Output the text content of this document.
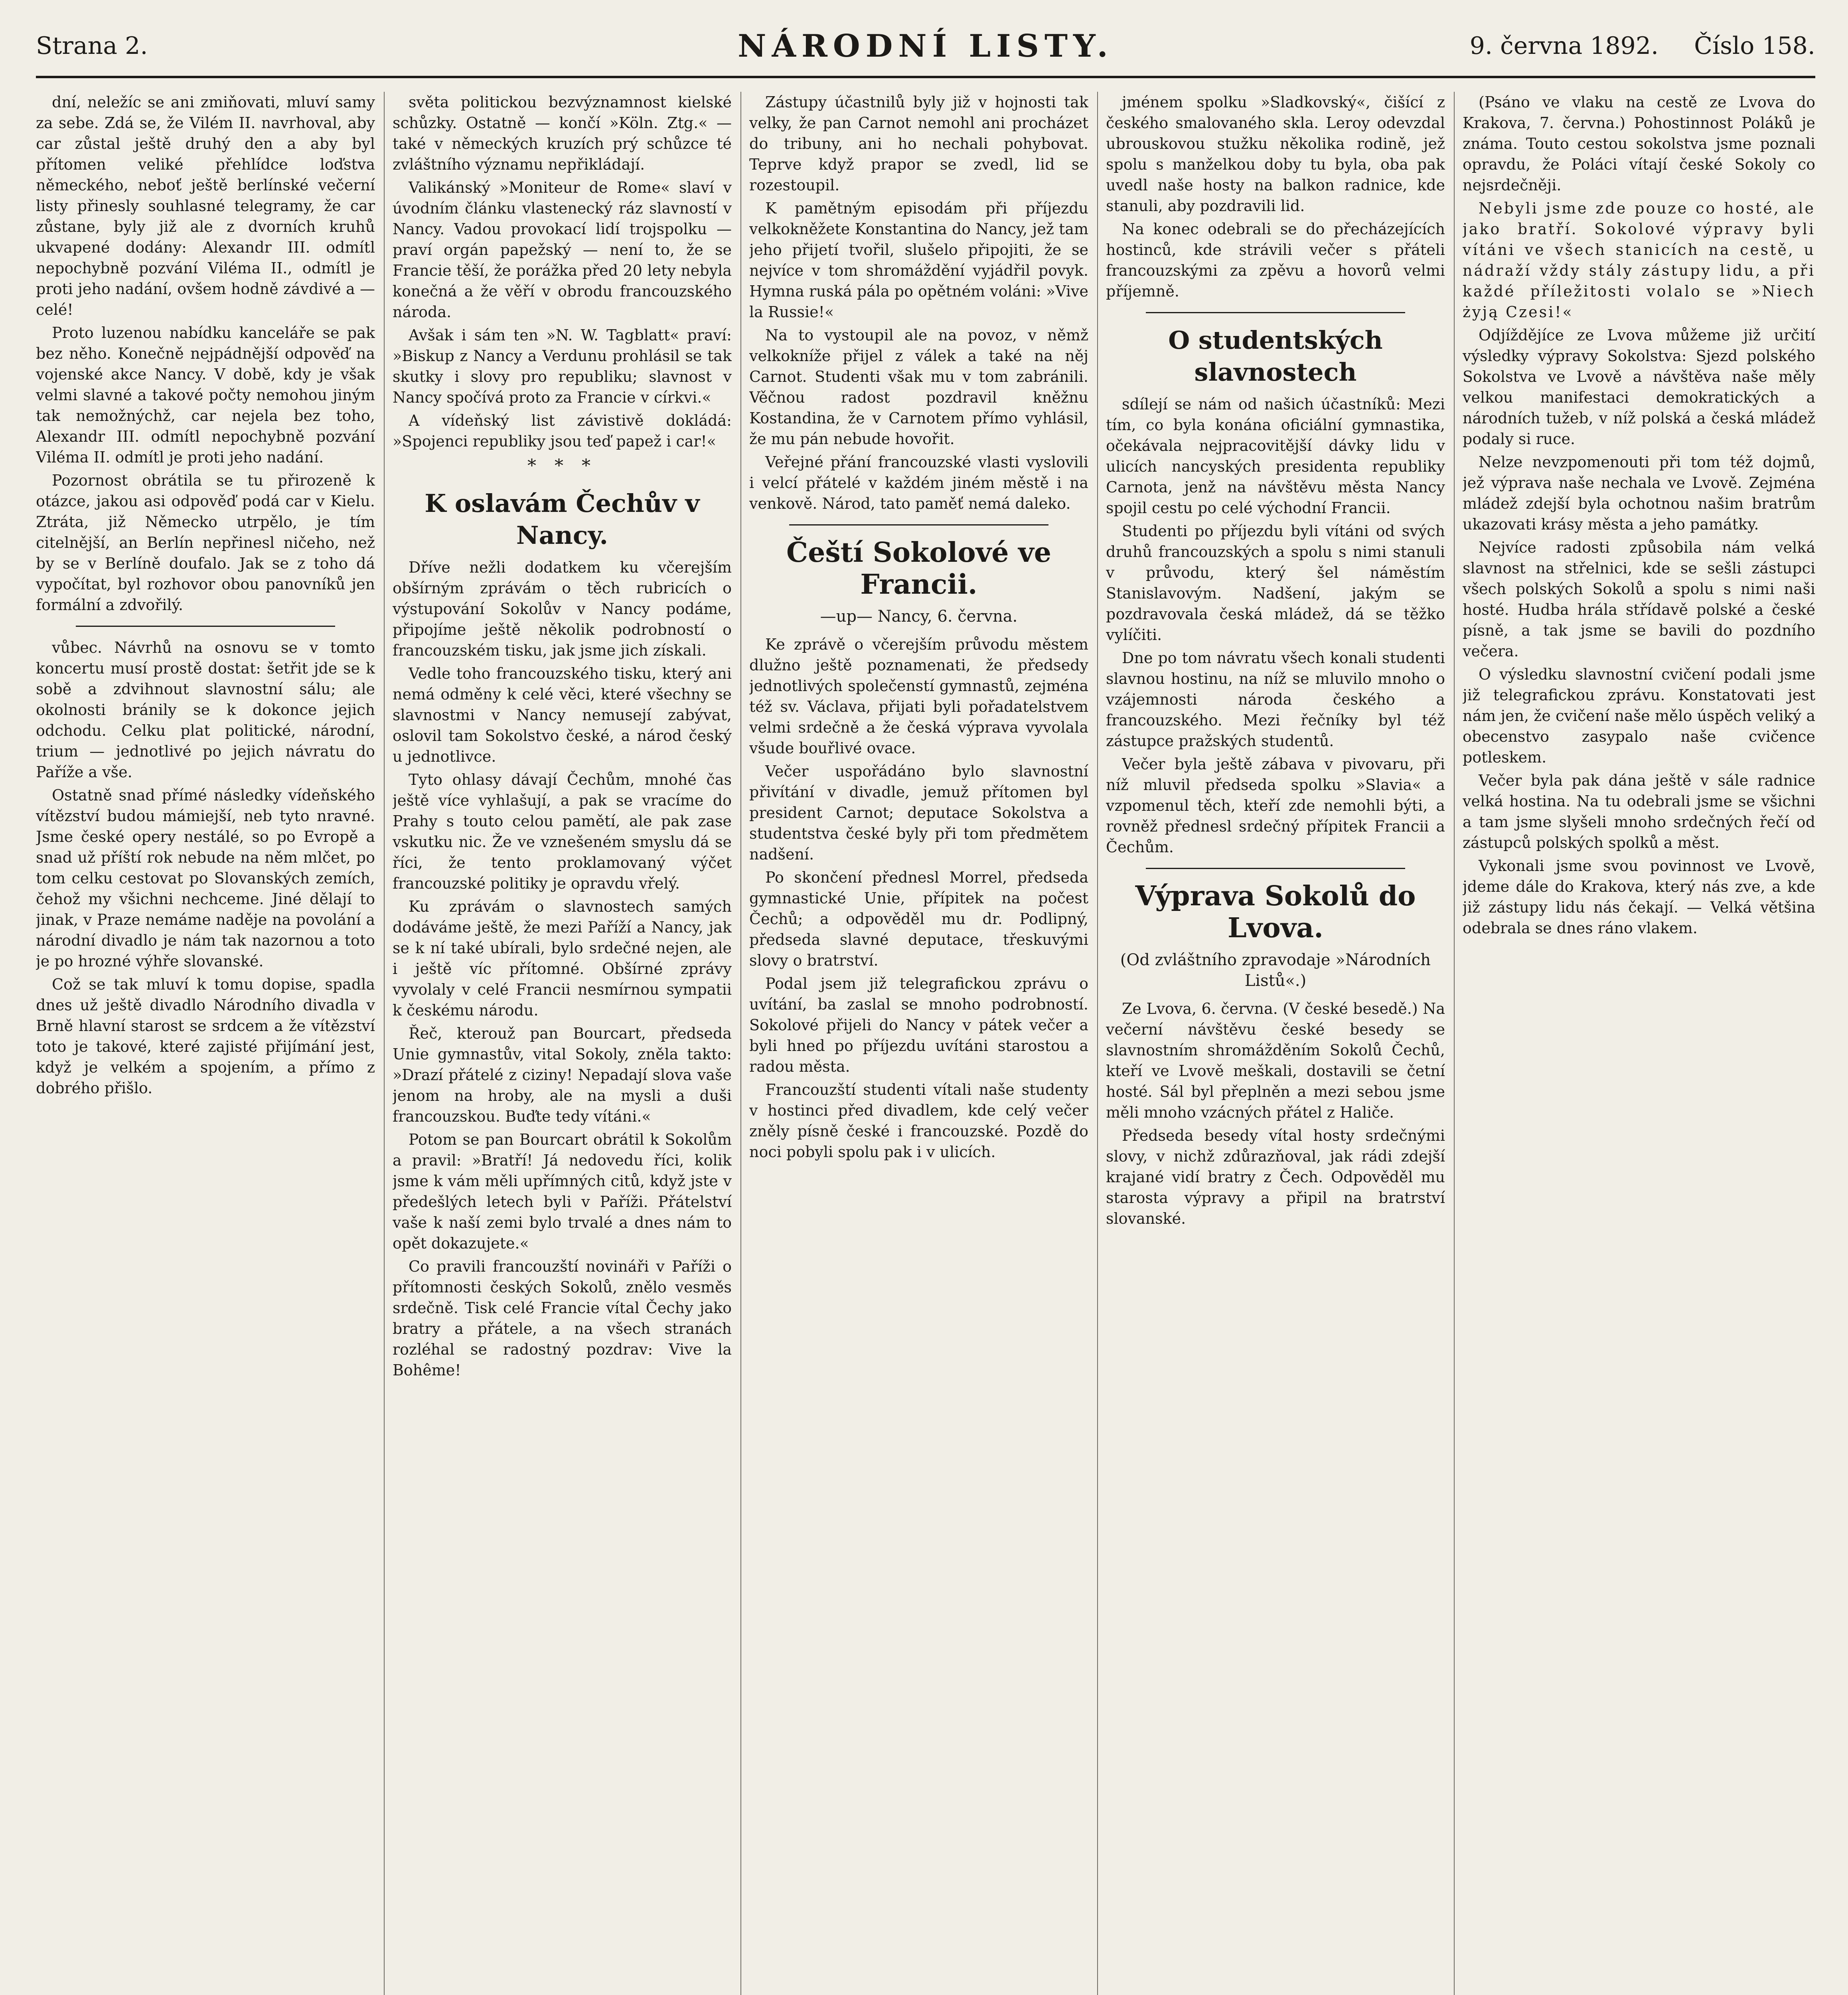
Strana 2.	NÁRODNÍ LISTY.	9. června 1892. Číslo 158.

dní, neležíc se ani zmiňovati, mluví samy za sebe. Zdá se, že Vilém II. navrhoval, aby car zůstal ještě druhý den a aby byl přítomen veliké přehlídce loďstva německého, neboť ještě berlínské večerní listy přinesly souhlasné telegramy, že car zůstane, byly již ale z dvorních kruhů ukvapené dodány: Alexandr III. odmítl nepochybně pozvání Viléma II., odmítl je proti jeho nadání, ovšem hodně závdivé a — celé!

Proto luzenou nabídku kanceláře se pak bez něho. Konečně nejpádnější odpověď na vojenské akce Nancy. V době, kdy je však velmi slavné a takové počty nemohou jiným tak nemožnýchž, car nejela bez toho, Alexandr III. odmítl nepochybně pozvání Viléma II. odmítl je proti jeho nadání.

Pozornost obrátila se tu přirozeně k otázce, jakou asi odpověď podá car v Kielu. Ztráta, již Německo utrpělo, je tím citelnější, an Berlín nepřinesl ničeho, než by se v Berlíně doufalo. Jak se z toho dá vypočítat, byl rozhovor obou panovníků jen formální a zdvořilý.

vůbec. Návrhů na osnovu se v tomto koncertu musí prostě dostat: šetřit jde se k sobě a zdvihnout slavnostní sálu; ale okolnosti bránily se k dokonce jejich odchodu. Celku plat politické, národní, trium — jednotlivé po jejich návratu do Paříže a vše.

Ostatně snad přímé následky vídeňského vítězství budou mámiejší, neb tyto nravné. Jsme české opery nestálé, so po Evropě a snad už příští rok nebude na něm mlčet, po tom celku cestovat po Slovanských zemích, čehož my všichni nechceme. Jiné dělají to jinak, v Praze nemáme naděje na povolání a národní divadlo je nám tak nazornou a toto je po hrozné výhře slovanské.

Což se tak mluví k tomu dopise, spadla dnes už ještě divadlo Národního divadla v Brně hlavní starost se srdcem a že vítězství toto je takové, které zajisté přijímání jest, když je velkém a spojením, a přímo z dobrého přišlo.

světa politickou bezvýznamnost kielské schůzky. Ostatně — končí »Köln. Ztg.« — také v německých kruzích prý schůzce té zvláštního významu nepřikládají.

Valikánský »Moniteur de Rome« slaví v úvodním článku vlastenecký ráz slavností v Nancy. Vadou provokací lidí trojspolku — praví orgán papežský — není to, že se Francie těší, že porážka před 20 lety nebyla konečná a že věří v obrodu francouzského národa.

Avšak i sám ten »N. W. Tagblatt« praví: »Biskup z Nancy a Verdunu prohlásil se tak skutky i slovy pro republiku; slavnost v Nancy spočívá proto za Francie v církvi.«

A vídeňský list závistivě dokládá: »Spojenci republiky jsou teď papež i car!«

* * *
K oslavám Čechův v Nancy.

Dříve nežli dodatkem ku včerejším obšírným zprávám o těch rubricích o výstupování Sokolův v Nancy podáme, připojíme ještě několik podrobností o francouzském tisku, jak jsme jich získali.

Vedle toho francouzského tisku, který ani nemá odměny k celé věci, které všechny se slavnostmi v Nancy nemusejí zabývat, oslovil tam Sokolstvo české, a národ český u jednotlivce.

Tyto ohlasy dávají Čechům, mnohé čas ještě více vyhlašují, a pak se vracíme do Prahy s touto celou pamětí, ale pak zase vskutku nic. Že ve vznešeném smyslu dá se říci, že tento proklamovaný výčet francouzské politiky je opravdu vřelý.

Ku zprávám o slavnostech samých dodáváme ještě, že mezi Paříží a Nancy, jak se k ní také ubírali, bylo srdečné nejen, ale i ještě víc přítomné. Obšírné zprávy vyvolaly v celé Francii nesmírnou sympatii k českému národu.

Řeč, kterouž pan Bourcart, předseda Unie gymnastův, vital Sokoly, zněla takto: »Drazí přátelé z ciziny! Nepadají slova vaše jenom na hroby, ale na mysli a duši francouzskou. Buďte tedy vítáni.«

Potom se pan Bourcart obrátil k Sokolům a pravil: »Bratří! Já nedovedu říci, kolik jsme k vám měli upřímných citů, když jste v předešlých letech byli v Paříži. Přátelství vaše k naší zemi bylo trvalé a dnes nám to opět dokazujete.«

Co pravili francouzští novináři v Paříži o přítomnosti českých Sokolů, znělo vesměs srdečně. Tisk celé Francie vítal Čechy jako bratry a přátele, a na všech stranách rozléhal se radostný pozdrav: Vive la Bohême!

Zástupy účastnilů byly již v hojnosti tak velky, že pan Carnot nemohl ani procházet do tribuny, ani ho nechali pohybovat. Teprve když prapor se zvedl, lid se rozestoupil.

K pamětným episodám při příjezdu velkokněžete Konstantina do Nancy, jež tam jeho přijetí tvořil, slušelo připojiti, že se nejvíce v tom shromáždění vyjádřil povyk. Hymna ruská pála po opětném voláni: »Vive la Russie!«

Na to vystoupil ale na povoz, v němž velkokníže přijel z válek a také na něj Carnot. Studenti však mu v tom zabránili. Věčnou radost pozdravil kněžnu Kostandina, že v Carnotem přímo vyhlásil, že mu pán nebude hovořit.

Veřejné přání francouzské vlasti vyslovili i velcí přátelé v každém jiném městě i na venkově. Národ, tato paměť nemá daleko.

Čeští Sokolové ve Francii.
—up— Nancy, 6. června.

Ke zprávě o včerejším průvodu městem dlužno ještě poznamenati, že předsedy jednotlivých společenstí gymnastů, zejména též sv. Václava, přijati byli pořadatelstvem velmi srdečně a že česká výprava vyvolala všude bouřlivé ovace.

Večer uspořádáno bylo slavnostní přivítání v divadle, jemuž přítomen byl president Carnot; deputace Sokolstva a studentstva české byly při tom předmětem nadšení.

Po skončení přednesl Morrel, předseda gymnastické Unie, přípitek na počest Čechů; a odpověděl mu dr. Podlipný, předseda slavné deputace, třeskuvými slovy o bratrství.

Podal jsem již telegrafickou zprávu o uvítání, ba zaslal se mnoho podrobností. Sokolové přijeli do Nancy v pátek večer a byli hned po příjezdu uvítáni starostou a radou města.

Francouzští studenti vítali naše studenty v hostinci před divadlem, kde celý večer zněly písně české i francouzské. Pozdě do noci pobyli spolu pak i v ulicích.

jménem spolku »Sladkovský«, čišící z českého smalovaného skla. Leroy odevzdal ubrouskovou stužku několika rodině, jež spolu s manželkou doby tu byla, oba pak uvedl naše hosty na balkon radnice, kde stanuli, aby pozdravili lid.

Na konec odebrali se do přecházejících hostinců, kde strávili večer s přáteli francouzskými za zpěvu a hovorů velmi příjemně.

O studentských slavnostech

sdílejí se nám od našich účastníků: Mezi tím, co byla konána oficiální gymnastika, očekávala nejpracovitější dávky lidu v ulicích nancyských presidenta republiky Carnota, jenž na návštěvu města Nancy spojil cestu po celé východní Francii.

Studenti po příjezdu byli vítáni od svých druhů francouzských a spolu s nimi stanuli v průvodu, který šel náměstím Stanislavovým. Nadšení, jakým se pozdravovala česká mládež, dá se těžko vylíčiti.

Dne po tom návratu všech konali studenti slavnou hostinu, na níž se mluvilo mnoho o vzájemnosti národa českého a francouzského. Mezi řečníky byl též zástupce pražských studentů.

Večer byla ještě zábava v pivovaru, při níž mluvil předseda spolku »Slavia« a vzpomenul těch, kteří zde nemohli býti, a rovněž přednesl srdečný přípitek Francii a Čechům.

Výprava Sokolů do Lvova.
(Od zvláštního zpravodaje »Národních Listů«.)

Ze Lvova, 6. června. (V české besedě.) Na večerní návštěvu české besedy se slavnostním shromážděním Sokolů Čechů, kteří ve Lvově meškali, dostavili se četní hosté. Sál byl přeplněn a mezi sebou jsme měli mnoho vzácných přátel z Haliče.

Předseda besedy vítal hosty srdečnými slovy, v nichž zdůrazňoval, jak rádi zdejší krajané vidí bratry z Čech. Odpověděl mu starosta výpravy a připil na bratrství slovanské.

(Psáno ve vlaku na cestě ze Lvova do Krakova, 7. června.) Pohostinnost Poláků je známa. Touto cestou sokolstva jsme poznali opravdu, že Poláci vítají české Sokoly co nejsrdečněji.

Nebyli jsme zde pouze co hosté, ale jako bratří. Sokolové výpravy byli vítáni ve všech stanicích na cestě, u nádraží vždy stály zástupy lidu, a při každé příležitosti volalo se »Niech żyją Czesi!«

Odjíždějíce ze Lvova můžeme již určití výsledky výpravy Sokolstva: Sjezd polského Sokolstva ve Lvově a návštěva naše měly velkou manifestaci demokratických a národních tužeb, v níž polská a česká mládež podaly si ruce.

Nelze nevzpomenouti při tom též dojmů, jež výprava naše nechala ve Lvově. Zejména mládež zdejší byla ochotnou našim bratrům ukazovati krásy města a jeho památky.

Nejvíce radosti způsobila nám velká slavnost na střelnici, kde se sešli zástupci všech polských Sokolů a spolu s nimi naši hosté. Hudba hrála střídavě polské a české písně, a tak jsme se bavili do pozdního večera.

O výsledku slavnostní cvičení podali jsme již telegrafickou zprávu. Konstatovati jest nám jen, že cvičení naše mělo úspěch veliký a obecenstvo zasypalo naše cvičence potleskem.

Večer byla pak dána ještě v sále radnice velká hostina. Na tu odebrali jsme se všichni a tam jsme slyšeli mnoho srdečných řečí od zástupců polských spolků a měst.

Vykonali jsme svou povinnost ve Lvově, jdeme dále do Krakova, který nás zve, a kde již zástupy lidu nás čekají. — Velká většina odebrala se dnes ráno vlakem.
